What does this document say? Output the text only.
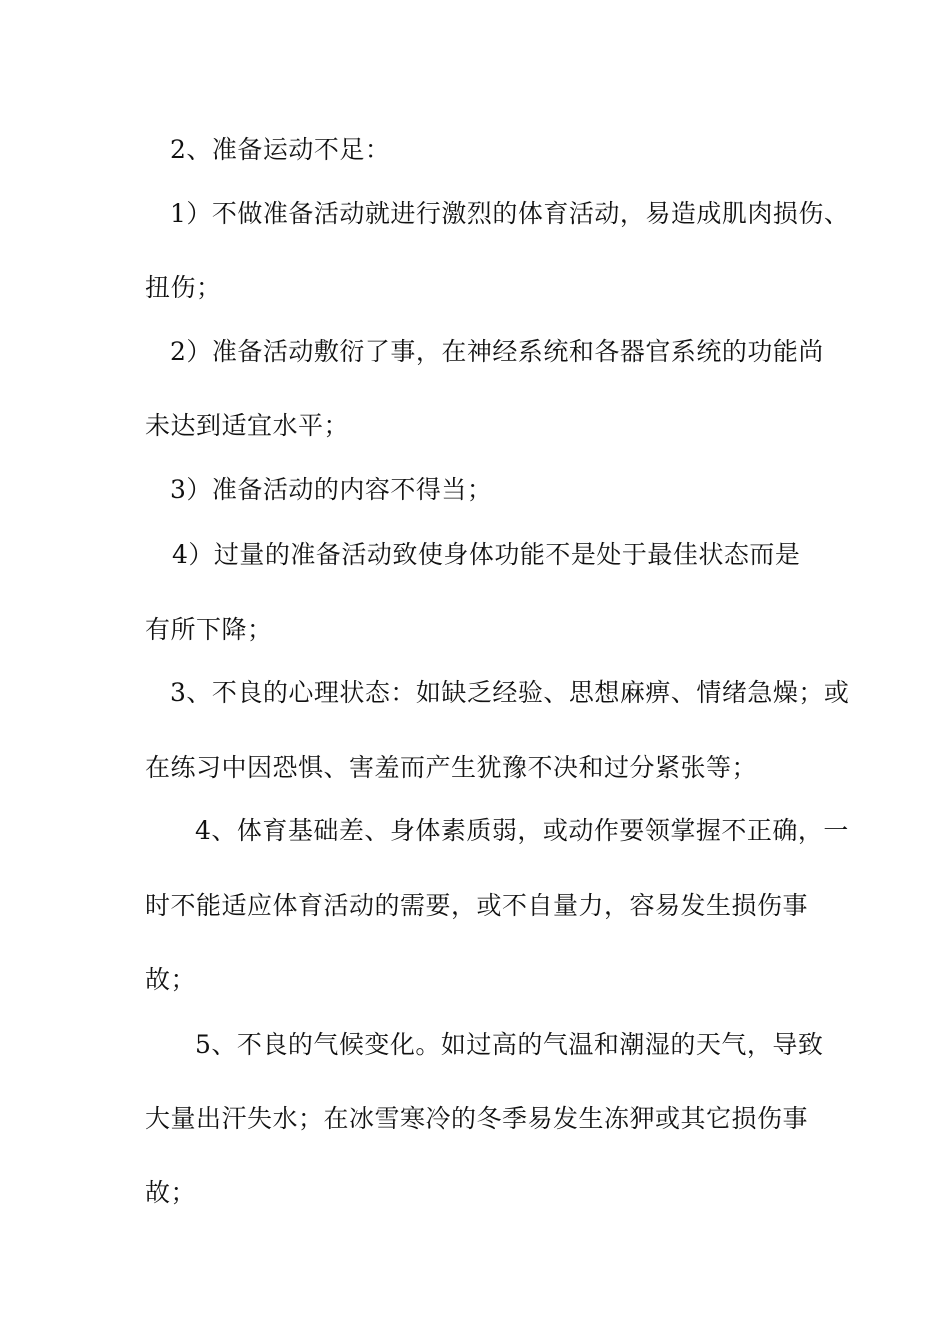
2、准备运动不足：
1）不做准备活动就进行激烈的体育活动，易造成肌肉损伤、
扭伤；
2）准备活动敷衍了事，在神经系统和各器官系统的功能尚
未达到适宜水平；
3）准备活动的内容不得当；
4）过量的准备活动致使身体功能不是处于最佳状态而是
有所下降；
3、不良的心理状态：如缺乏经验、思想麻痹、情绪急燥；或
在练习中因恐惧、害羞而产生犹豫不决和过分紧张等；
4、体育基础差、身体素质弱，或动作要领掌握不正确，一
时不能适应体育活动的需要，或不自量力，容易发生损伤事
故；
5、不良的气候变化。如过高的气温和潮湿的天气，导致
大量出汗失水；在冰雪寒冷的冬季易发生冻狎或其它损伤事
故；
